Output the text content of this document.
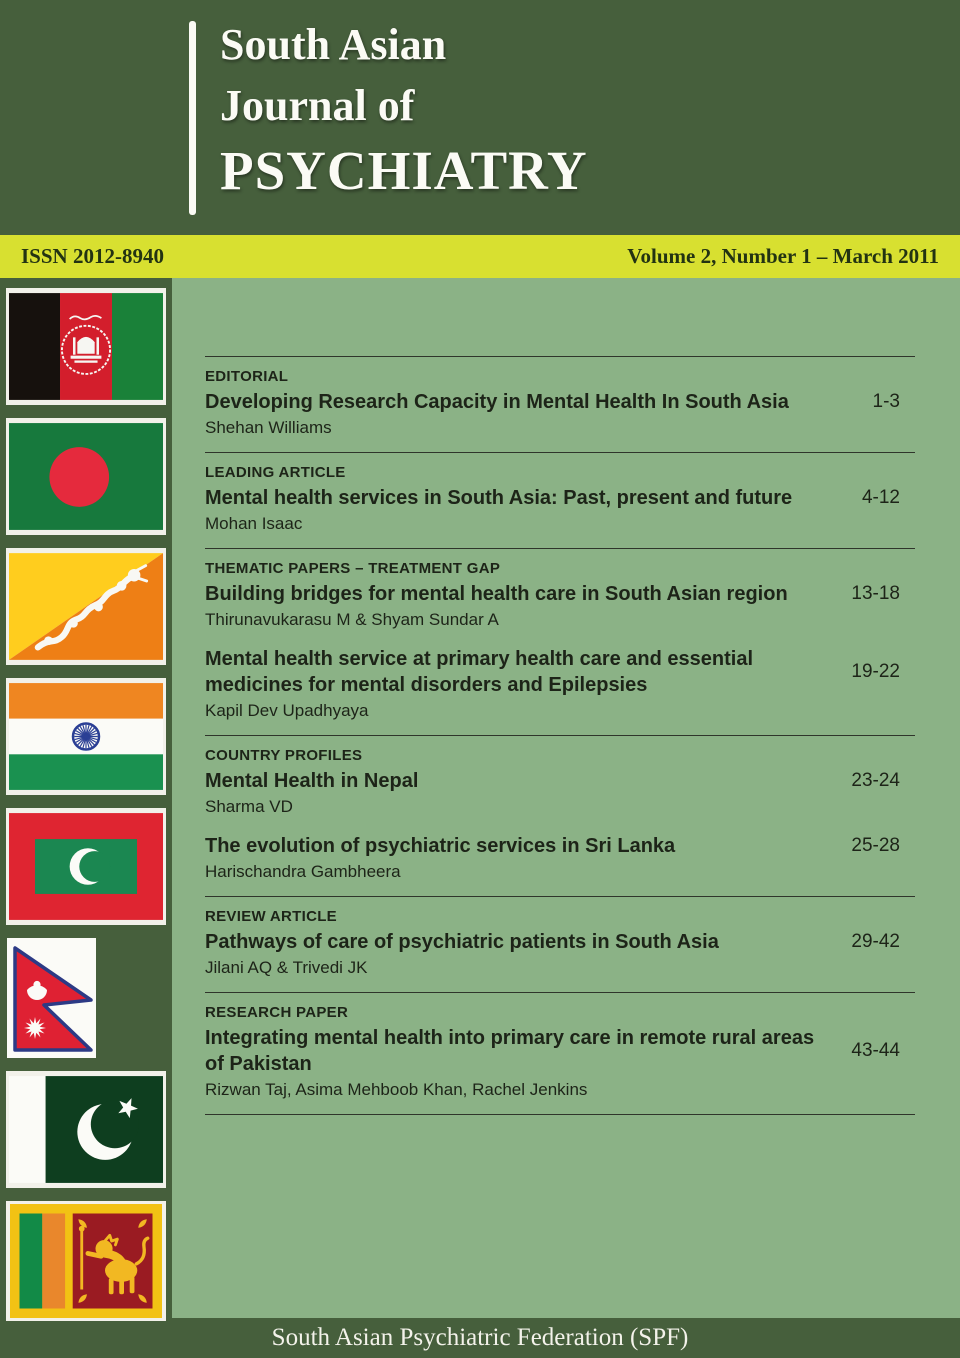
South Asian
Journal of
PSYCHIATRY
ISSN 2012-8940	Volume 2, Number 1 – March 2011
EDITORIAL
Developing Research Capacity in Mental Health In South Asia	1-3
Shehan Williams
LEADING ARTICLE
Mental health services in South Asia: Past, present and future	4-12
Mohan Isaac
THEMATIC PAPERS – TREATMENT GAP
Building bridges for mental health care in South Asian region	13-18
Thirunavukarasu M & Shyam Sundar A
Mental health service at primary health care and essential medicines for mental disorders and Epilepsies
19-22
Kapil Dev Upadhyaya
COUNTRY PROFILES
Mental Health in Nepal	23-24
Sharma VD
The evolution of psychiatric services in Sri Lanka	25-28
Harischandra Gambheera
REVIEW ARTICLE
Pathways of care of psychiatric patients in South Asia	29-42
Jilani AQ & Trivedi JK
RESEARCH PAPER
Integrating mental health into primary care in remote rural areas of Pakistan
43-44
Rizwan Taj, Asima Mehboob Khan, Rachel Jenkins
South Asian Psychiatric Federation (SPF)
